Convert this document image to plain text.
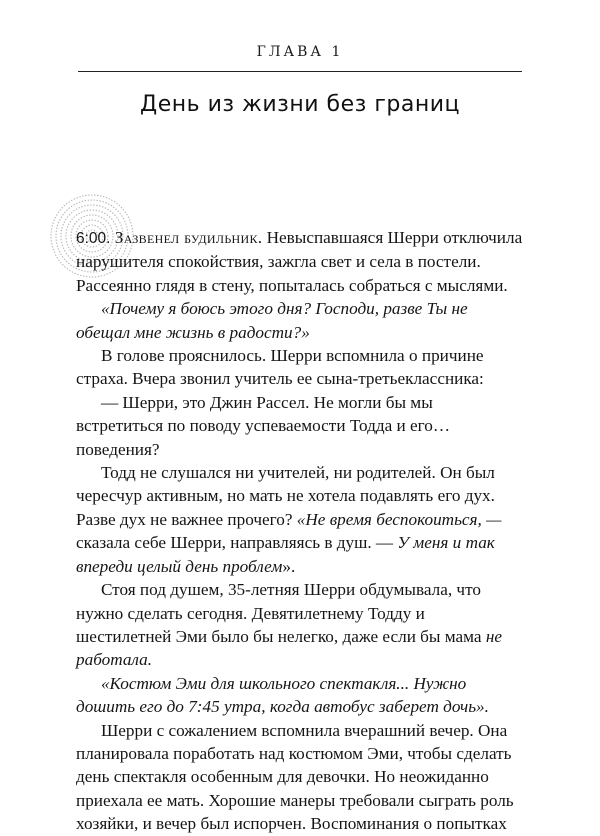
ГЛАВА 1
День из жизни без границ

6:00. Зазвенел будильник. Невыспавшаяся Шерри отключила нарушителя спокойствия, зажгла свет и села в постели. Рассеянно глядя в стену, попыталась собраться с мыслями.

«Почему я боюсь этого дня? Господи, разве Ты не обещал мне жизнь в радости?»

В голове прояснилось. Шерри вспомнила о причине страха. Вчера звонил учитель ее сына-третьеклассника:

— Шерри, это Джин Рассел. Не могли бы мы встретиться по поводу успеваемости Тодда и его… поведения?

Тодд не слушался ни учителей, ни родителей. Он был чересчур активным, но мать не хотела подавлять его дух. Разве дух не важнее прочего? «Не время беспокоиться, — сказала себе Шерри, направляясь в душ. — У меня и так впереди целый день проблем».

Стоя под душем, 35-летняя Шерри обдумывала, что нужно сделать сегодня. Девятилетнему Тодду и шестилетней Эми было бы нелегко, даже если бы мама не работала.

«Костюм Эми для школьного спектакля... Нужно дошить его до 7:45 утра, когда автобус заберет дочь».

Шерри с сожалением вспомнила вчерашний вечер. Она планировала поработать над костюмом Эми, чтобы сделать день спектакля особенным для девочки. Но неожиданно приехала ее мать. Хорошие манеры требовали сыграть роль хозяйки, и вечер был испорчен. Воспоминания о попытках
